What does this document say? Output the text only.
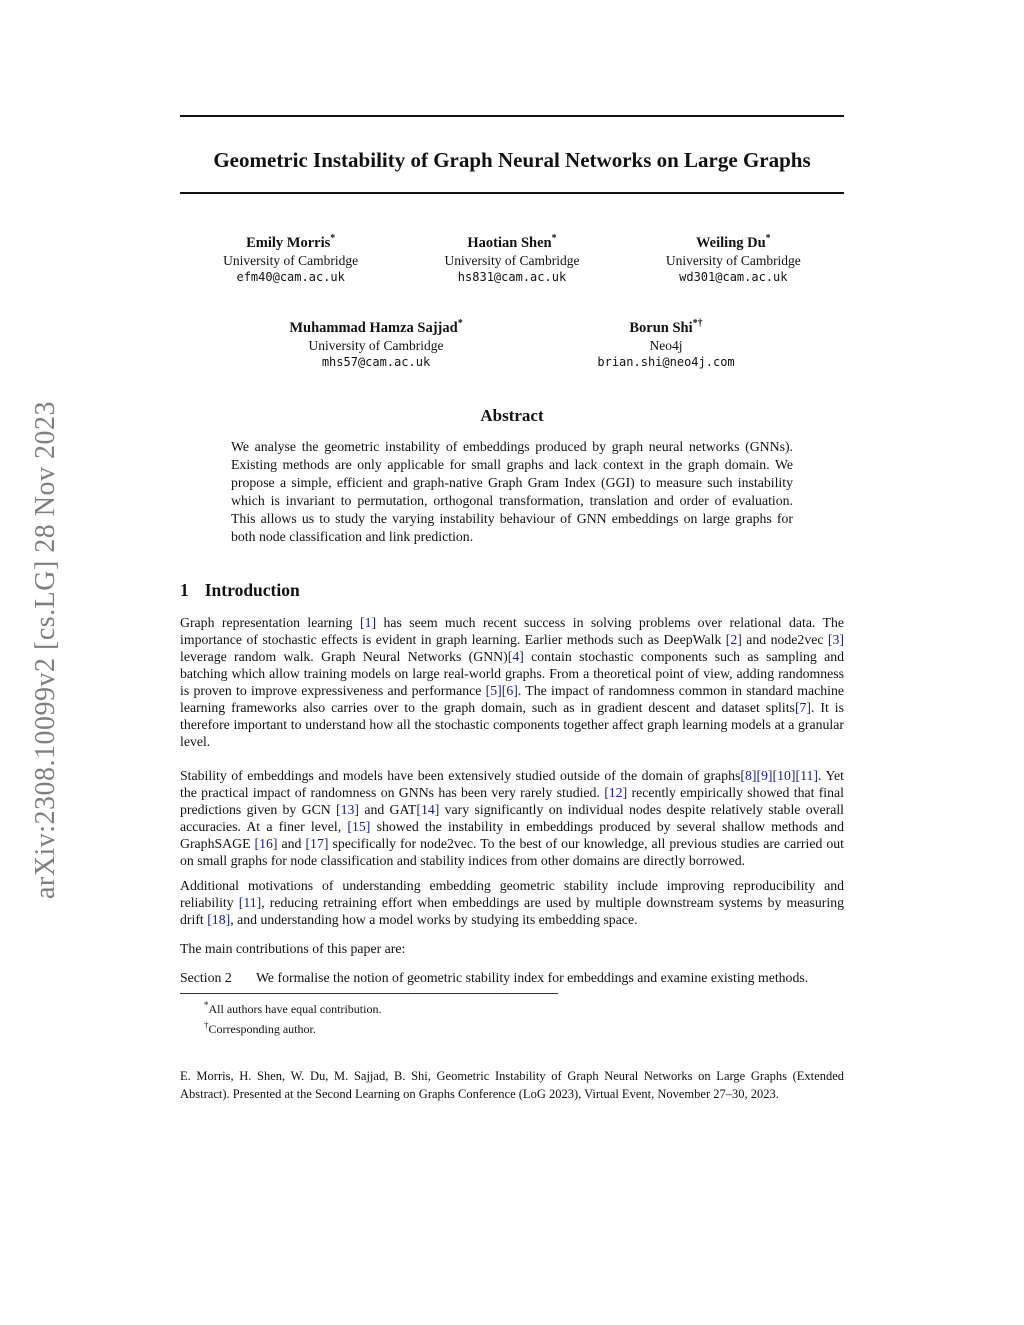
arXiv:2308.10099v2 [cs.LG] 28 Nov 2023
Geometric Instability of Graph Neural Networks on Large Graphs
Emily Morris*
University of Cambridge
efm40@cam.ac.uk
Haotian Shen*
University of Cambridge
hs831@cam.ac.uk
Weiling Du*
University of Cambridge
wd301@cam.ac.uk
Muhammad Hamza Sajjad*
University of Cambridge
mhs57@cam.ac.uk
Borun Shi*†
Neo4j
brian.shi@neo4j.com
Abstract
We analyse the geometric instability of embeddings produced by graph neural networks (GNNs). Existing methods are only applicable for small graphs and lack context in the graph domain. We propose a simple, efficient and graph-native Graph Gram Index (GGI) to measure such instability which is invariant to permutation, orthogonal transformation, translation and order of evaluation. This allows us to study the varying instability behaviour of GNN embeddings on large graphs for both node classification and link prediction.
1 Introduction
Graph representation learning [1] has seem much recent success in solving problems over relational data. The importance of stochastic effects is evident in graph learning. Earlier methods such as DeepWalk [2] and node2vec [3] leverage random walk. Graph Neural Networks (GNN)[4] contain stochastic components such as sampling and batching which allow training models on large real-world graphs. From a theoretical point of view, adding randomness is proven to improve expressiveness and performance [5][6]. The impact of randomness common in standard machine learning frameworks also carries over to the graph domain, such as in gradient descent and dataset splits[7]. It is therefore important to understand how all the stochastic components together affect graph learning models at a granular level.
Stability of embeddings and models have been extensively studied outside of the domain of graphs[8][9][10][11]. Yet the practical impact of randomness on GNNs has been very rarely studied. [12] recently empirically showed that final predictions given by GCN [13] and GAT[14] vary significantly on individual nodes despite relatively stable overall accuracies. At a finer level, [15] showed the instability in embeddings produced by several shallow methods and GraphSAGE [16] and [17] specifically for node2vec. To the best of our knowledge, all previous studies are carried out on small graphs for node classification and stability indices from other domains are directly borrowed.
Additional motivations of understanding embedding geometric stability include improving reproducibility and reliability [11], reducing retraining effort when embeddings are used by multiple downstream systems by measuring drift [18], and understanding how a model works by studying its embedding space.
The main contributions of this paper are:
Section 2	We formalise the notion of geometric stability index for embeddings and examine existing methods.
*All authors have equal contribution.
†Corresponding author.
E. Morris, H. Shen, W. Du, M. Sajjad, B. Shi, Geometric Instability of Graph Neural Networks on Large Graphs (Extended Abstract). Presented at the Second Learning on Graphs Conference (LoG 2023), Virtual Event, November 27–30, 2023.
